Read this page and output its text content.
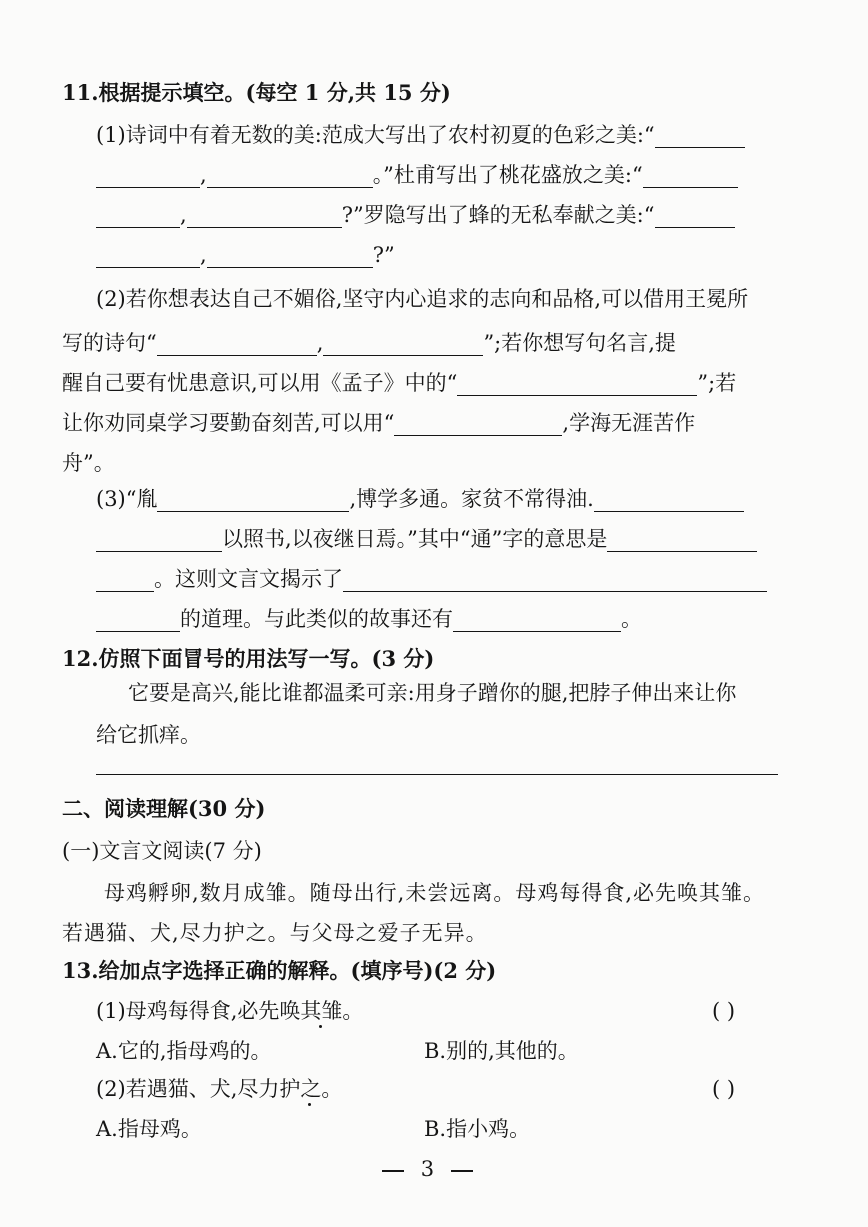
11.根据提示填空。(每空 1 分,共 15 分)
(1)诗词中有着无数的美:范成大写出了农村初夏的色彩之美:“
,	。”杜甫写出了桃花盛放之美:“
,	?”罗隐写出了蜂的无私奉献之美:“
,	?”
(2)若你想表达自己不媚俗,坚守内心追求的志向和品格,可以借用王冕所
写的诗句“	,	”;若你想写句名言,提
醒自己要有忧患意识,可以用《孟子》中的“	”;若
让你劝同桌学习要勤奋刻苦,可以用“	,学海无涯苦作
舟”。
(3)“胤	,博学多通。家贫不常得油.
以照书,以夜继日焉。”其中“通”字的意思是
。这则文言文揭示了
的道理。与此类似的故事还有	。
12.仿照下面冒号的用法写一写。(3 分)
它要是高兴,能比谁都温柔可亲:用身子蹭你的腿,把脖子伸出来让你
给它抓痒。
二、阅读理解(30 分)
(一)文言文阅读(7 分)
母鸡孵卵,数月成雏。随母出行,未尝远离。母鸡每得食,必先唤其雏。
若遇猫、犬,尽力护之。与父母之爱子无异。
13.给加点字选择正确的解释。(填序号)(2 分)
(1)母鸡每得食,必先唤其雏。	( )
A.它的,指母鸡的。	B.别的,其他的。
(2)若遇猫、犬,尽力护之。	( )
A.指母鸡。	B.指小鸡。
3
